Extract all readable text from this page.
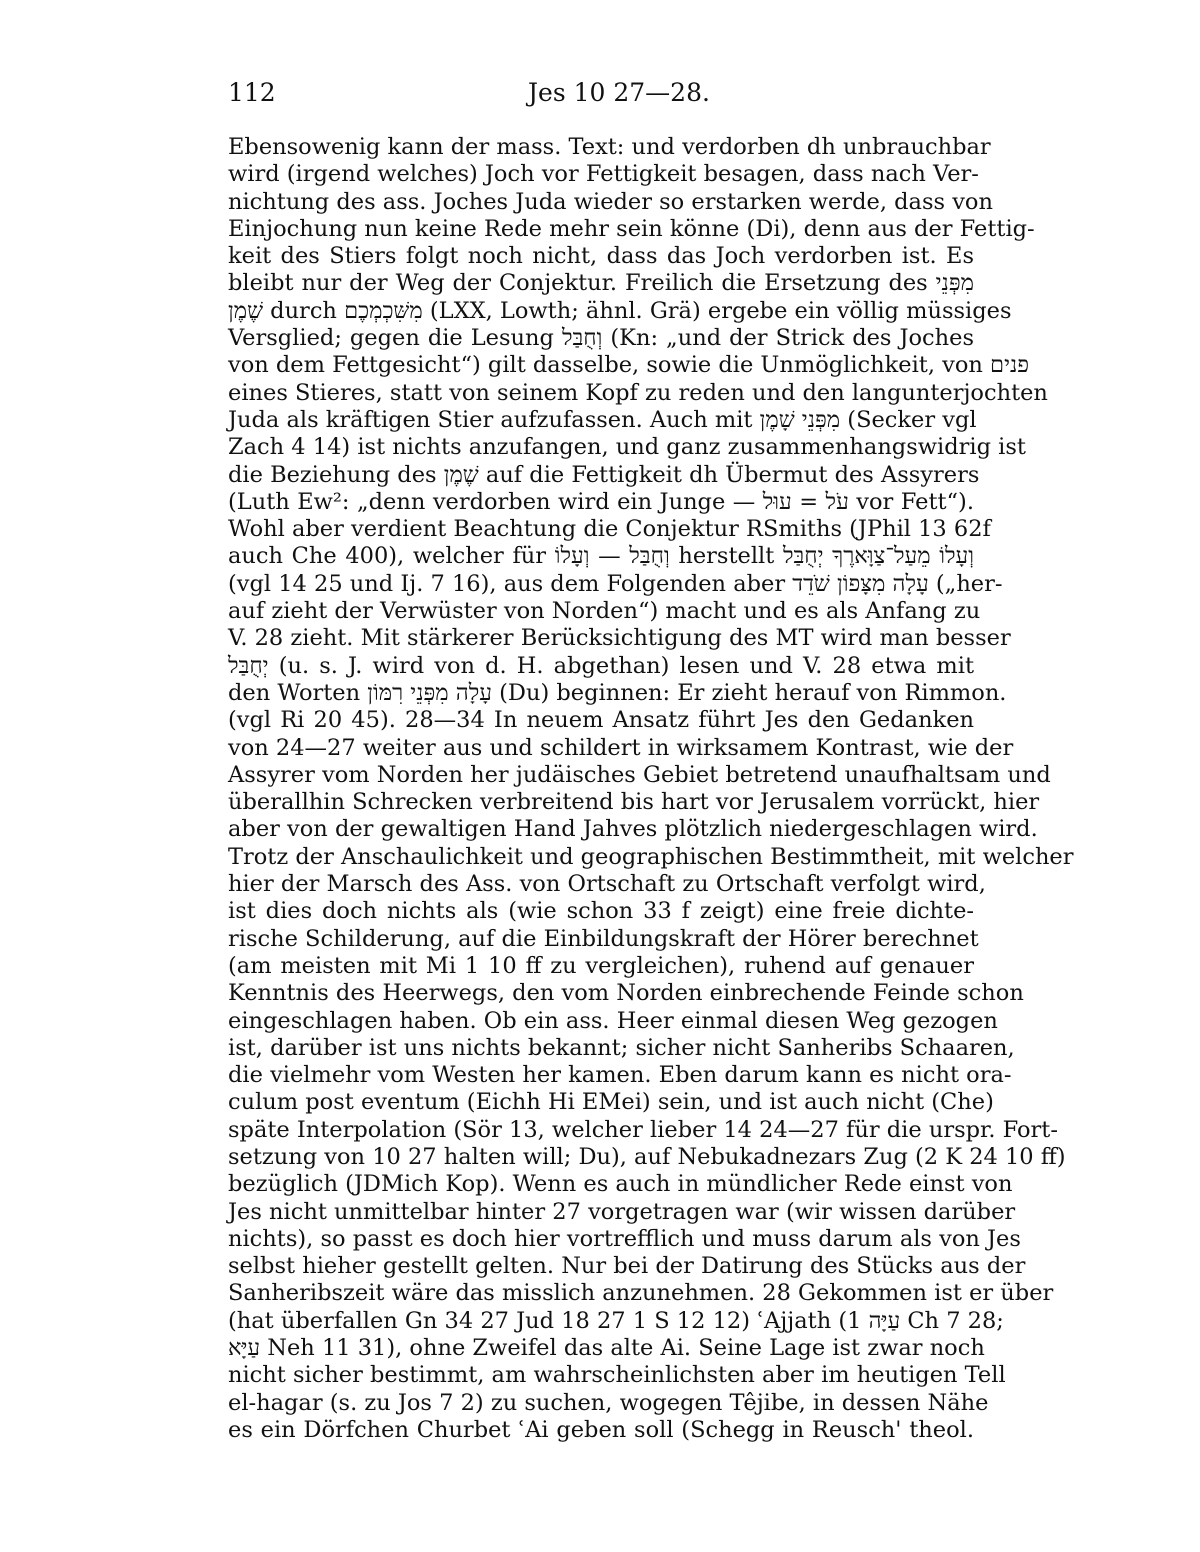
112	Jes 10 27—28.
Ebensowenig kann der mass. Text: und verdorben dh unbrauchbar
wird (irgend welches) Joch vor Fettigkeit besagen, dass nach Ver-
nichtung des ass. Joches Juda wieder so erstarken werde, dass von
Einjochung nun keine Rede mehr sein könne (Di), denn aus der Fettig-
keit des Stiers folgt noch nicht, dass das Joch verdorben ist. Es
bleibt nur der Weg der Conjektur. Freilich die Ersetzung des מִפְּנֵי
שֶׁמֶן durch מִשִּׁכְמְכֶם (LXX, Lowth; ähnl. Grä) ergebe ein völlig müssiges
Versglied; gegen die Lesung וְחֻבַּל (Kn: „und der Strick des Joches
von dem Fettgesicht“) gilt dasselbe, sowie die Unmöglichkeit, von פנים
eines Stieres, statt von seinem Kopf zu reden und den langunterjochten
Juda als kräftigen Stier aufzufassen. Auch mit מִפְּנֵי שָׁמֶן (Secker vgl
Zach 4 14) ist nichts anzufangen, und ganz zusammenhangswidrig ist
die Beziehung des שֶׁמֶן auf die Fettigkeit dh Übermut des Assyrers
(Luth Ew²: „denn verdorben wird ein Junge — עֹל = עוּל vor Fett“).
Wohl aber verdient Beachtung die Conjektur RSmiths (JPhil 13 62f
auch Che 400), welcher für וְחֻבַּל — וְעָלוֹ herstellt וְעָלוֹ מֵעַל־צַוָּארֶךָ יְחֻבַּל
(vgl 14 25 und Ij. 7 16), aus dem Folgenden aber עָלָה מִצָּפוֹן שֹׁדֵד („her-
auf zieht der Verwüster von Norden“) macht und es als Anfang zu
V. 28 zieht. Mit stärkerer Berücksichtigung des MT wird man besser
יְחֻבַּל (u. s. J. wird von d. H. abgethan) lesen und V. 28 etwa mit
den Worten עָלָה מִפְּנֵי רִמּוֹן (Du) beginnen: Er zieht herauf von Rimmon.
(vgl Ri 20 45). 28—34 In neuem Ansatz führt Jes den Gedanken
von 24—27 weiter aus und schildert in wirksamem Kontrast, wie der
Assyrer vom Norden her judäisches Gebiet betretend unaufhaltsam und
überallhin Schrecken verbreitend bis hart vor Jerusalem vorrückt, hier
aber von der gewaltigen Hand Jahves plötzlich niedergeschlagen wird.
Trotz der Anschaulichkeit und geographischen Bestimmtheit, mit welcher
hier der Marsch des Ass. von Ortschaft zu Ortschaft verfolgt wird,
ist dies doch nichts als (wie schon 33 f zeigt) eine freie dichte-
rische Schilderung, auf die Einbildungskraft der Hörer berechnet
(am meisten mit Mi 1 10 ff zu vergleichen), ruhend auf genauer
Kenntnis des Heerwegs, den vom Norden einbrechende Feinde schon
eingeschlagen haben. Ob ein ass. Heer einmal diesen Weg gezogen
ist, darüber ist uns nichts bekannt; sicher nicht Sanheribs Schaaren,
die vielmehr vom Westen her kamen. Eben darum kann es nicht ora-
culum post eventum (Eichh Hi EMei) sein, und ist auch nicht (Che)
späte Interpolation (Sör 13, welcher lieber 14 24—27 für die urspr. Fort-
setzung von 10 27 halten will; Du), auf Nebukadnezars Zug (2 K 24 10 ff)
bezüglich (JDMich Kop). Wenn es auch in mündlicher Rede einst von
Jes nicht unmittelbar hinter 27 vorgetragen war (wir wissen darüber
nichts), so passt es doch hier vortrefflich und muss darum als von Jes
selbst hieher gestellt gelten. Nur bei der Datirung des Stücks aus der
Sanheribszeit wäre das misslich anzunehmen. 28 Gekommen ist er über
(hat überfallen Gn 34 27 Jud 18 27 1 S 12 12) ʿAjjath (עַיָּה 1 Ch 7 28;
עַיָּא Neh 11 31), ohne Zweifel das alte Ai. Seine Lage ist zwar noch
nicht sicher bestimmt, am wahrscheinlichsten aber im heutigen Tell
el-hagar (s. zu Jos 7 2) zu suchen, wogegen Têjibe, in dessen Nähe
es ein Dörfchen Churbet ʿAi geben soll (Schegg in Reusch' theol.
